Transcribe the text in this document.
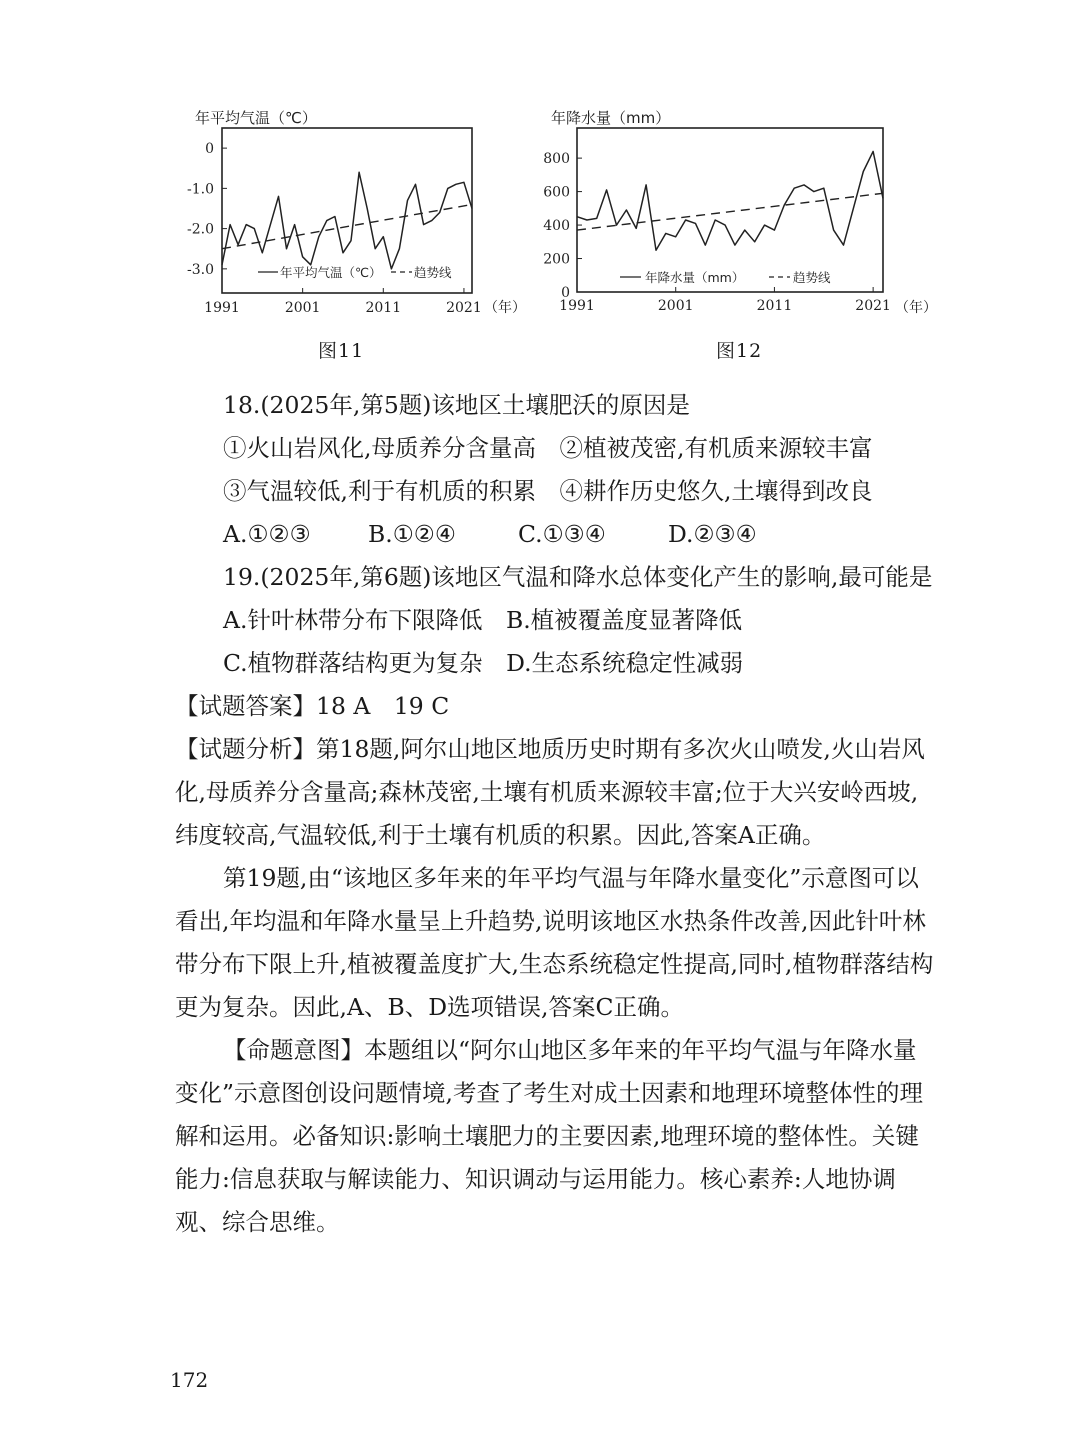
年平均气温（℃）
0
-1.0
-2.0
-3.0
1991	2001	2011	2021
年平均气温（℃）	趋势线
（年）
年降水量（mm）
800
600
400
200
0
1991	2001	2011	2021
年降水量（mm）	趋势线
（年）
图11	图12

18.(2025年,第5题)该地区土壤肥沃的原因是

①火山岩风化,母质养分含量高　②植被茂密,有机质来源较丰富

③气温较低,利于有机质的积累　④耕作历史悠久,土壤得到改良

A.①②③	B.①②④	C.①③④	D.②③④

19.(2025年,第6题)该地区气温和降水总体变化产生的影响,最可能是

A.针叶林带分布下限降低　B.植被覆盖度显著降低

C.植物群落结构更为复杂　D.生态系统稳定性减弱

【试题答案】18 A　19 C

【试题分析】第18题,阿尔山地区地质历史时期有多次火山喷发,火山岩风化,母质养分含量高;森林茂密,土壤有机质来源较丰富;位于大兴安岭西坡,纬度较高,气温较低,利于土壤有机质的积累。因此,答案A正确。

第19题,由“该地区多年来的年平均气温与年降水量变化”示意图可以看出,年均温和年降水量呈上升趋势,说明该地区水热条件改善,因此针叶林带分布下限上升,植被覆盖度扩大,生态系统稳定性提高,同时,植物群落结构更为复杂。因此,A、B、D选项错误,答案C正确。

【命题意图】本题组以“阿尔山地区多年来的年平均气温与年降水量变化”示意图创设问题情境,考查了考生对成土因素和地理环境整体性的理解和运用。必备知识:影响土壤肥力的主要因素,地理环境的整体性。关键能力:信息获取与解读能力、知识调动与运用能力。核心素养:人地协调观、综合思维。

172
